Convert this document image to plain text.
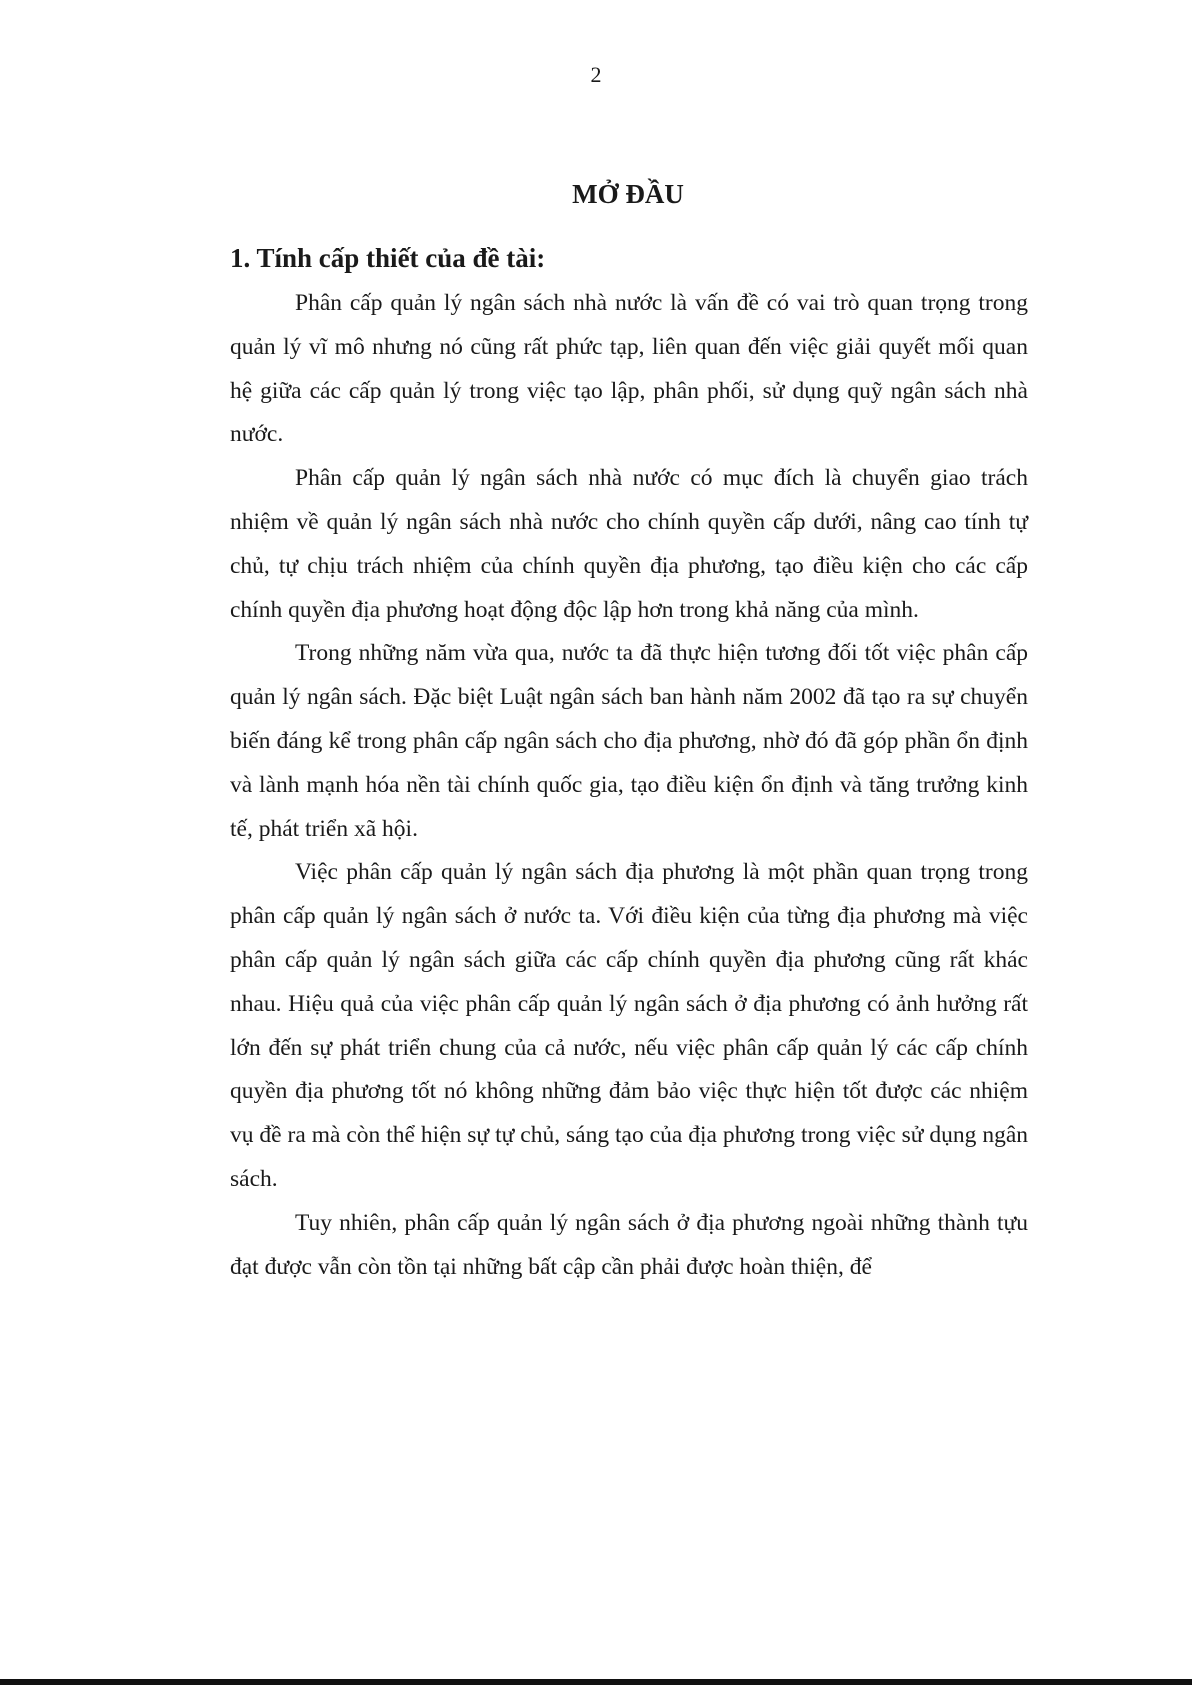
2
MỞ ĐẦU
1. Tính cấp thiết của đề tài:

Phân cấp quản lý ngân sách nhà nước là vấn đề có vai trò quan trọng trong quản lý vĩ mô nhưng nó cũng rất phức tạp, liên quan đến việc giải quyết mối quan hệ giữa các cấp quản lý trong việc tạo lập, phân phối, sử dụng quỹ ngân sách nhà nước.

Phân cấp quản lý ngân sách nhà nước có mục đích là chuyển giao trách nhiệm về quản lý ngân sách nhà nước cho chính quyền cấp dưới, nâng cao tính tự chủ, tự chịu trách nhiệm của chính quyền địa phương, tạo điều kiện cho các cấp chính quyền địa phương hoạt động độc lập hơn trong khả năng của mình.

Trong những năm vừa qua, nước ta đã thực hiện tương đối tốt việc phân cấp quản lý ngân sách. Đặc biệt Luật ngân sách ban hành năm 2002 đã tạo ra sự chuyển biến đáng kể trong phân cấp ngân sách cho địa phương, nhờ đó đã góp phần ổn định và lành mạnh hóa nền tài chính quốc gia, tạo điều kiện ổn định và tăng trưởng kinh tế, phát triển xã hội.

Việc phân cấp quản lý ngân sách địa phương là một phần quan trọng trong phân cấp quản lý ngân sách ở nước ta. Với điều kiện của từng địa phương mà việc phân cấp quản lý ngân sách giữa các cấp chính quyền địa phương cũng rất khác nhau. Hiệu quả của việc phân cấp quản lý ngân sách ở địa phương có ảnh hưởng rất lớn đến sự phát triển chung của cả nước, nếu việc phân cấp quản lý các cấp chính quyền địa phương tốt nó không những đảm bảo việc thực hiện tốt được các nhiệm vụ đề ra mà còn thể hiện sự tự chủ, sáng tạo của địa phương trong việc sử dụng ngân sách.

Tuy nhiên, phân cấp quản lý ngân sách ở địa phương ngoài những thành tựu đạt được vẫn còn tồn tại những bất cập cần phải được hoàn thiện, để
